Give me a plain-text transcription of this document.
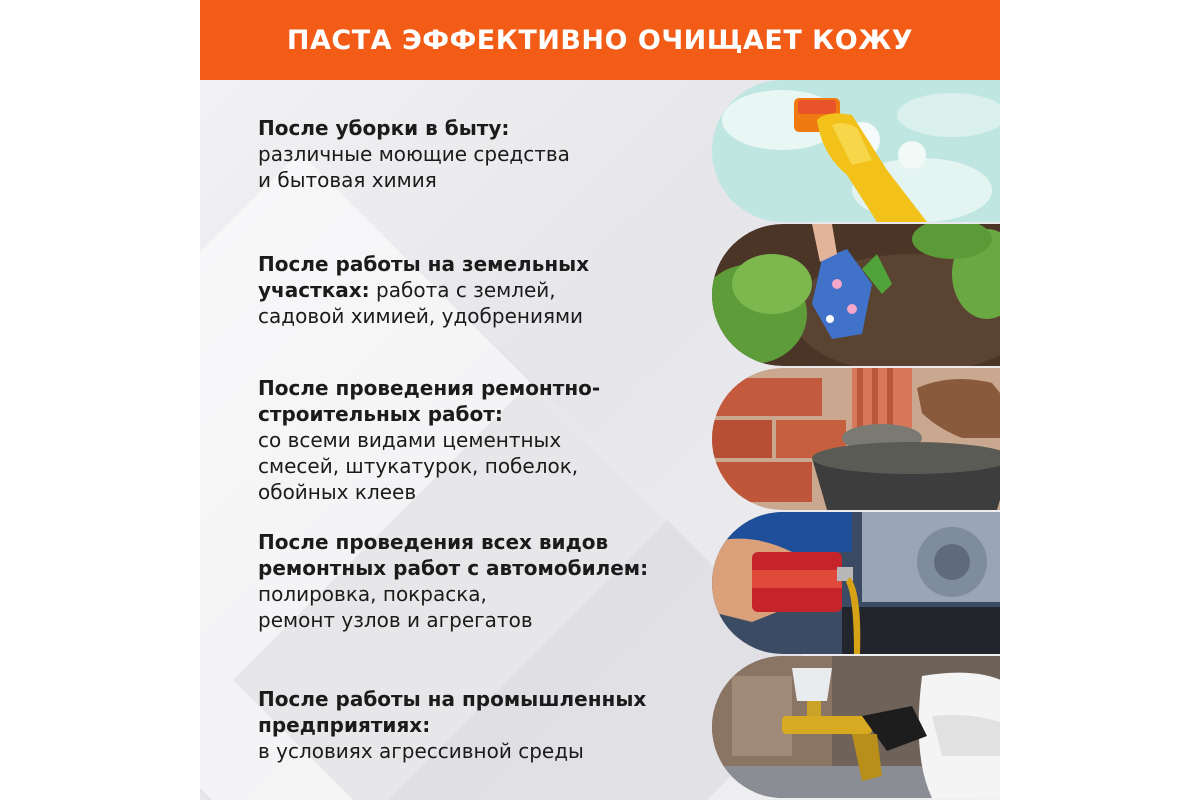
ПАСТА ЭФФЕКТИВНО ОЧИЩАЕТ КОЖУ
После уборки в быту:
различные моющие средства
и бытовая химия
После работы на земельных
участках: работа с землей,
садовой химией, удобрениями
После проведения ремонтно-
строительных работ:
со всеми видами цементных
смесей, штукатурок, побелок,
обойных клеев
После проведения всех видов
ремонтных работ с автомобилем:
полировка, покраска,
ремонт узлов и агрегатов
После работы на промышленных
предприятиях:
в условиях агрессивной среды
